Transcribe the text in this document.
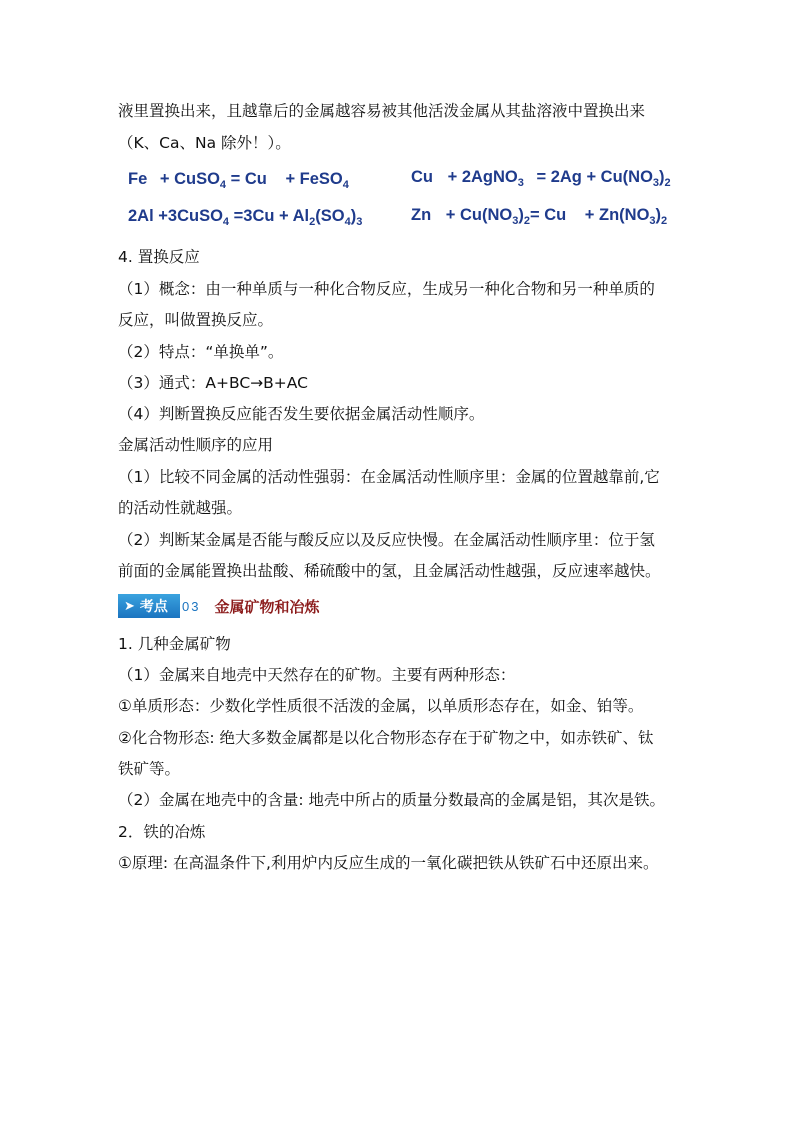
液里置换出来，且越靠后的金属越容易被其他活泼金属从其盐溶液中置换出来
（K、Ca、Na 除外！）。
Fe + CuSO$_4$ = Cu + FeSO$_4$	Cu + 2AgNO$_3$ = $2Ag + Cu(NO_3)_2$
2Al +3CuSO$_4$ $=3Cu + Al_2(SO_4)_3$	$Zn + Cu(NO_3)_2= Cu + Zn(NO_3)_2$
4. 置换反应
（1）概念：由一种单质与一种化合物反应，生成另一种化合物和另一种单质的
反应，叫做置换反应。
（2）特点：“单换单”。
（3）通式：A+BC→B+AC
（4）判断置换反应能否发生要依据金属活动性顺序。
金属活动性顺序的应用
（1）比较不同金属的活动性强弱：在金属活动性顺序里：金属的位置越靠前,它
的活动性就越强。
（2）判断某金属是否能与酸反应以及反应快慢。在金属活动性顺序里：位于氢
前面的金属能置换出盐酸、稀硫酸中的氢，且金属活动性越强，反应速率越快。
➤ 考点 03 金属矿物和冶炼
1. 几种金属矿物
（1）金属来自地壳中天然存在的矿物。主要有两种形态：
①单质形态：少数化学性质很不活泼的金属，以单质形态存在，如金、铂等。
②化合物形态: 绝大多数金属都是以化合物形态存在于矿物之中，如赤铁矿、钛
铁矿等。
（2）金属在地壳中的含量: 地壳中所占的质量分数最高的金属是铝，其次是铁。
2．铁的冶炼
①原理: 在高温条件下,利用炉内反应生成的一氧化碳把铁从铁矿石中还原出来。
